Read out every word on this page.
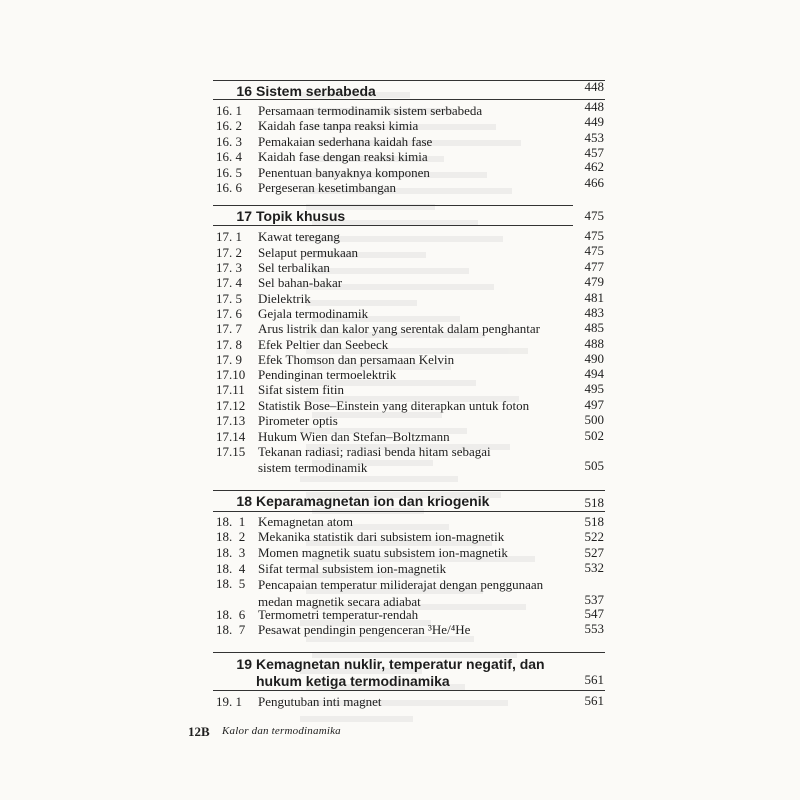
16 Sistem serbabeda	448
16. 1	Persamaan termodinamik sistem serbabeda	448
16. 2	Kaidah fase tanpa reaksi kimia	449
16. 3	Pemakaian sederhana kaidah fase	453
16. 4	Kaidah fase dengan reaksi kimia	457
16. 5	Penentuan banyaknya komponen	462
16. 6	Pergeseran kesetimbangan	466
17 Topik khusus	475
17. 1	Kawat teregang	475
17. 2	Selaput permukaan	475
17. 3	Sel terbalikan	477
17. 4	Sel bahan-bakar	479
17. 5	Dielektrik	481
17. 6	Gejala termodinamik	483
17. 7	Arus listrik dan kalor yang serentak dalam penghantar	485
17. 8	Efek Peltier dan Seebeck	488
17. 9	Efek Thomson dan persamaan Kelvin	490
17.10 Pendinginan termoelektrik	494
17.11	Sifat sistem fitin	495
17.12 Statistik Bose–Einstein yang diterapkan untuk foton	497
17.13 Pirometer optis	500
17.14 Hukum Wien dan Stefan–Boltzmann	502
17.15 Tekanan radiasi; radiasi benda hitam sebagai sistem termodinamik	505
18 Keparamagnetan ion dan kriogenik	518
18.  1 Kemagnetan atom	518
18.  2 Mekanika statistik dari subsistem ion-magnetik	522
18.  3 Momen magnetik suatu subsistem ion-magnetik	527
18.  4 Sifat termal subsistem ion-magnetik	532
18.  5 Pencapaian temperatur miliderajat dengan penggunaan medan magnetik secara adiabat	537
18.  6 Termometri temperatur-rendah	547
18.  7 Pesawat pendingin pengenceran ³He/⁴He	553
19 Kemagnetan nuklir, temperatur negatif, dan hukum ketiga termodinamika	561
19. 1	Pengutuban inti magnet	561
12B Kalor dan termodinamika
